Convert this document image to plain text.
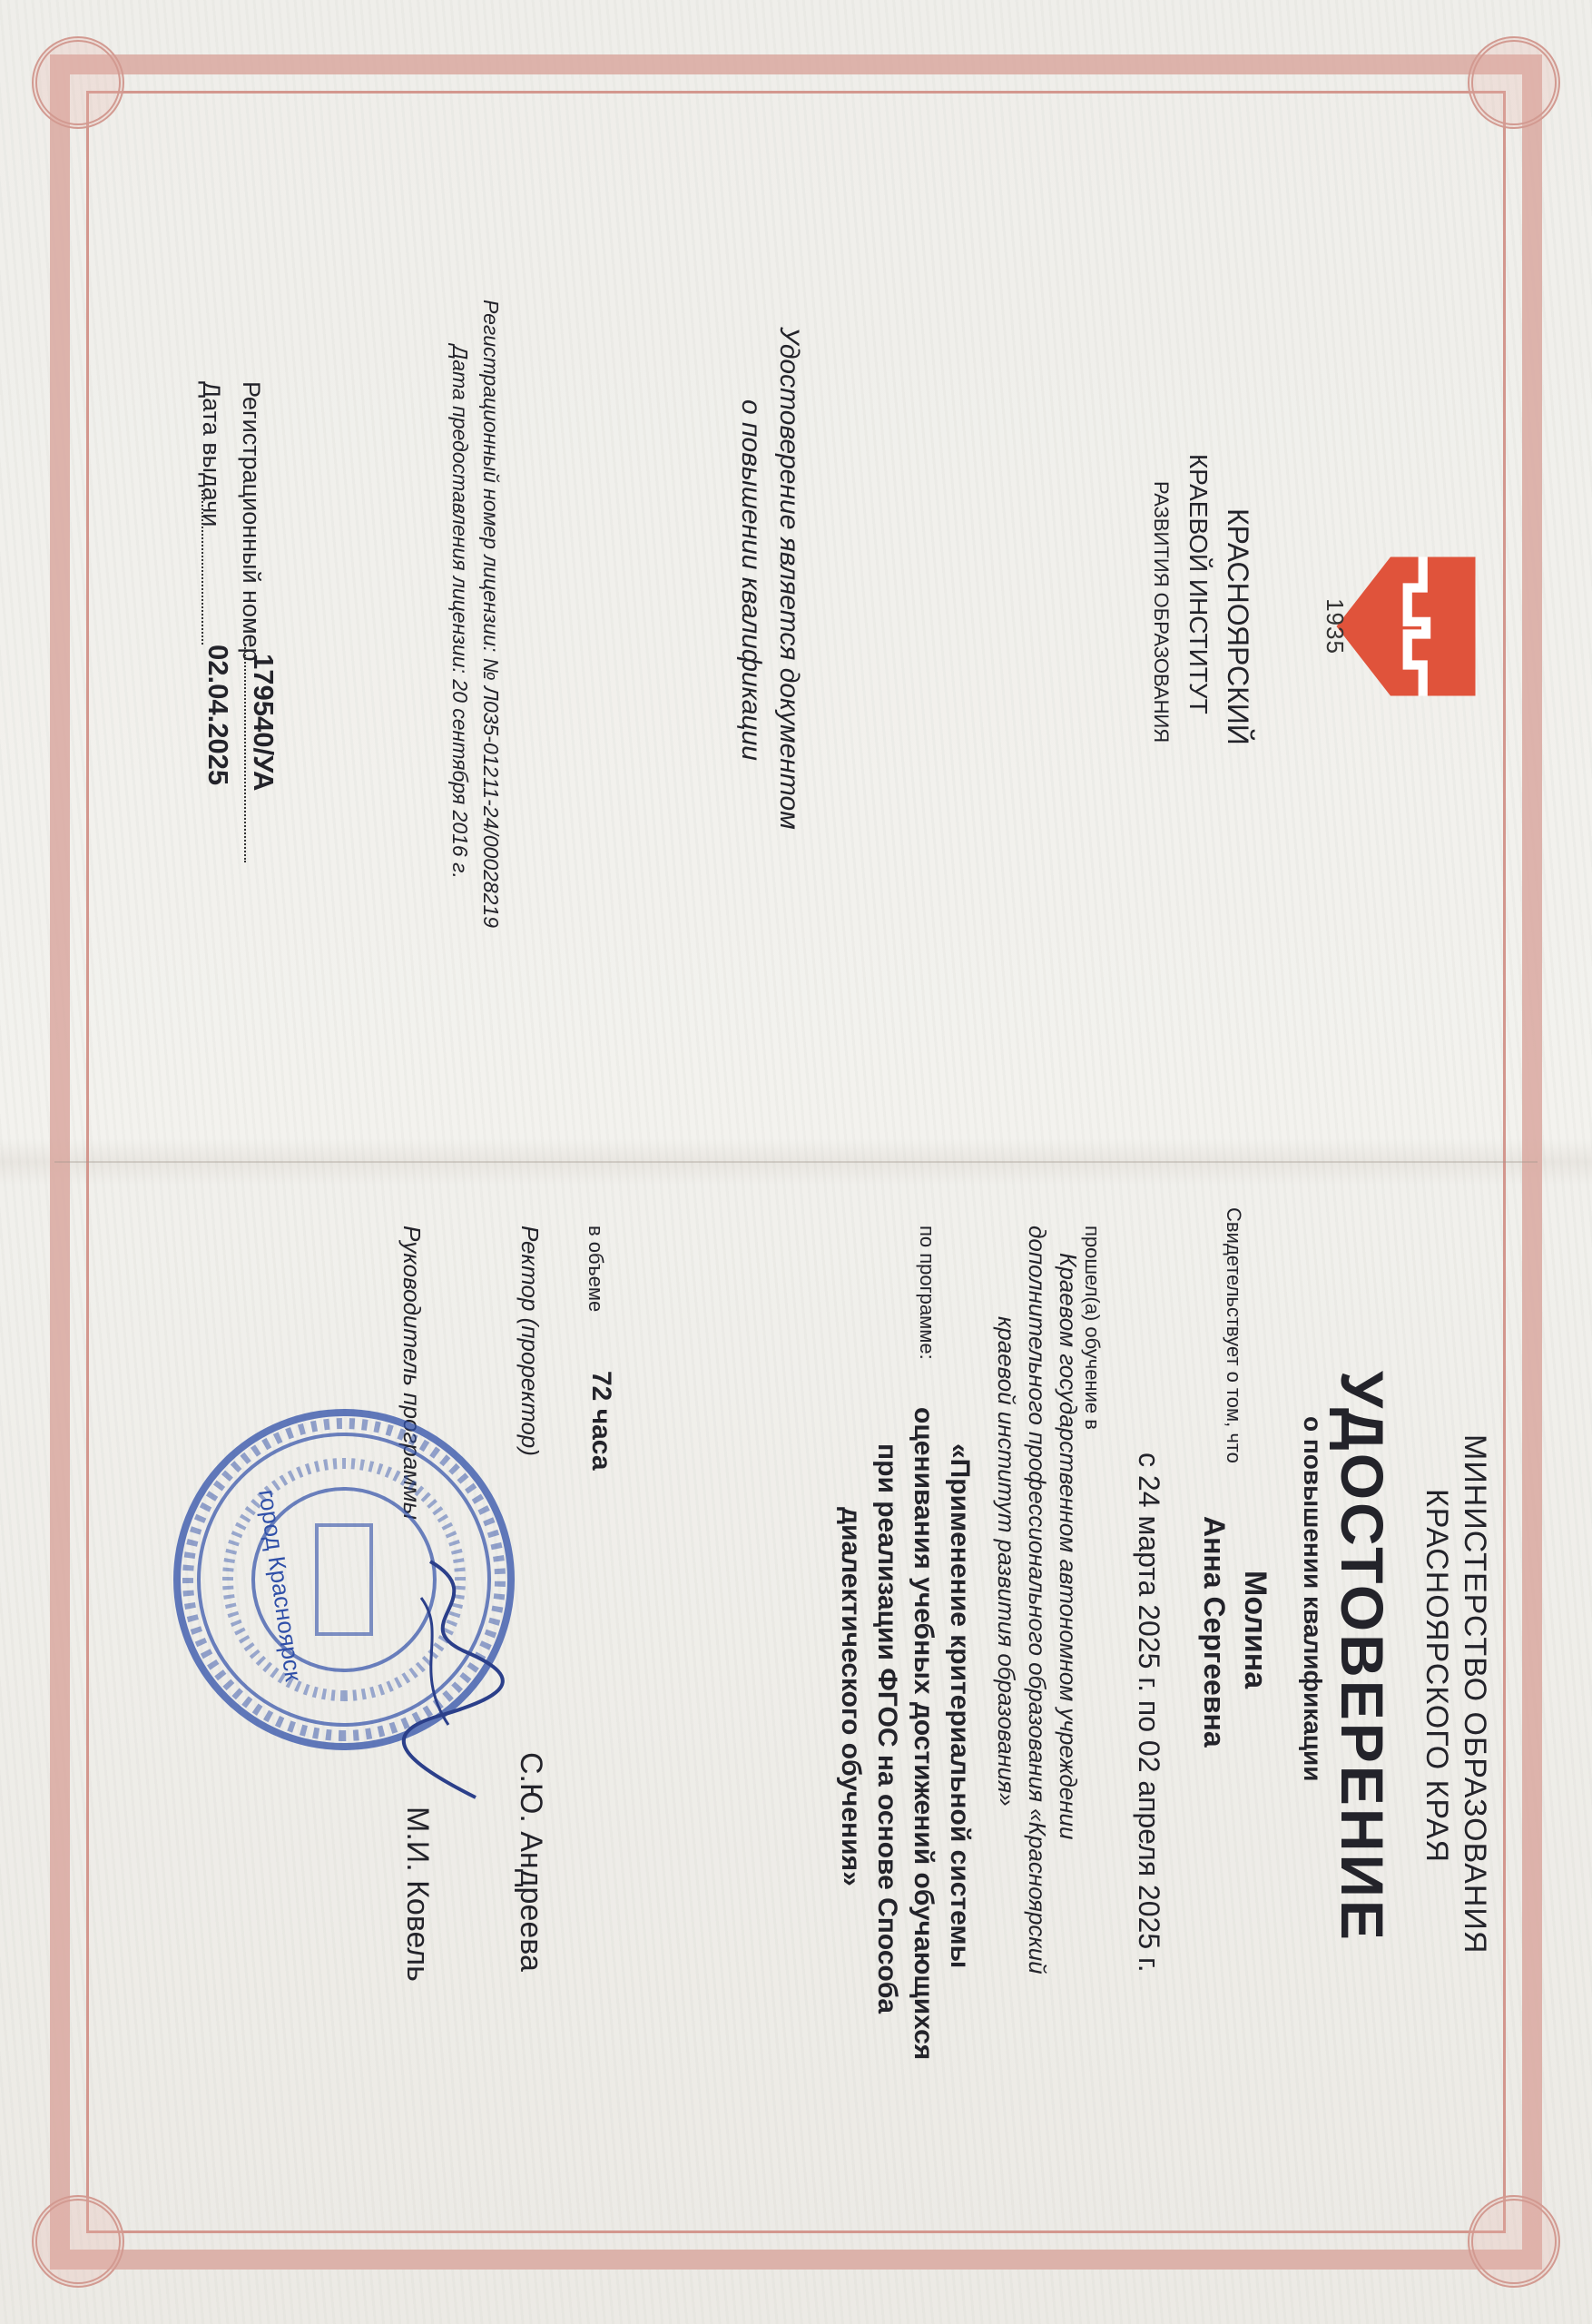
1935
КРАСНОЯРСКИЙ
КРАЕВОЙ ИНСТИТУТ
РАЗВИТИЯ ОБРАЗОВАНИЯ
Удостоверение является документом
о повышении квалификации
Регистрационный номер лицензии: № Л035-01211-24/00028219
Дата предоставления лицензии: 20 сентября 2016 г.
Регистрационный номер
179540/УА
Дата выдачи
02.04.2025
МИНИСТЕРСТВО ОБРАЗОВАНИЯ
КРАСНОЯРСКОГО КРАЯ
УДОСТОВЕРЕНИЕ
о повышении квалификации
Свидетельствует о том, что
Молина
Анна Сергеевна
с 24 марта 2025 г. по 02 апреля 2025 г.
прошел(а) обучение в
Краевом государственном автономном учреждении
дополнительного профессионального образования «Красноярский
краевой институт развития образования»
по программе:
«Применение критериальной системы
оценивания учебных достижений обучающихся
при реализации ФГОС на основе Способа
диалектического обучения»
в объеме
72 часа
Ректор (проректор)
С.Ю. Андреева
Руководитель программы
М.И. Ковель
город Красноярск
